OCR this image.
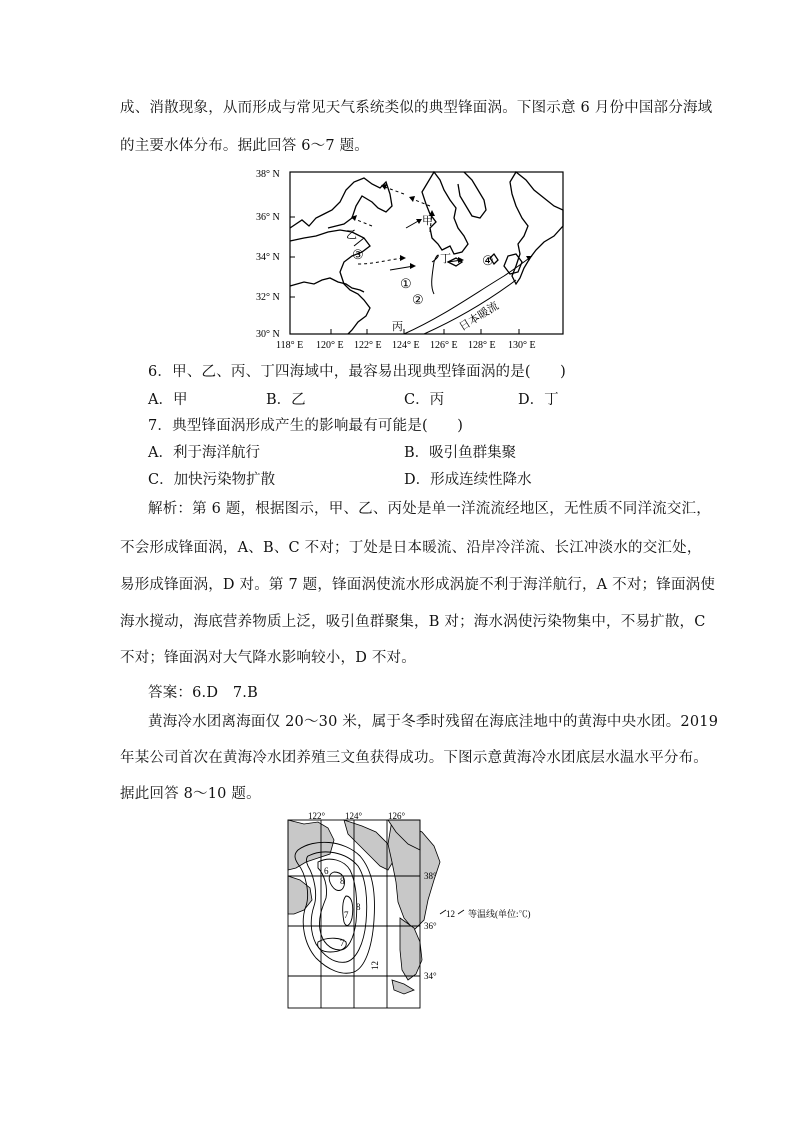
成、消散现象，从而形成与常见天气系统类似的典型锋面涡。下图示意 6 月份中国部分海域
的主要水体分布。据此回答 6～7 题。
38° N
36° N
34° N
32° N
30° N
118° E 120° E 122° E 124° E 126° E 128° E 130° E
日本暖流
甲
乙
丙
丁
①
②
③	④
6．甲、乙、丙、丁四海域中，最容易出现典型锋面涡的是(　　)
A．甲	B．乙	C．丙	D．丁
7．典型锋面涡形成产生的影响最有可能是(　　)
A．利于海洋航行	B．吸引鱼群集聚
C．加快污染物扩散	D．形成连续性降水
解析：第 6 题，根据图示，甲、乙、丙处是单一洋流流经地区，无性质不同洋流交汇，
不会形成锋面涡，A、B、C 不对；丁处是日本暖流、沿岸冷洋流、长江冲淡水的交汇处，
易形成锋面涡，D 对。第 7 题，锋面涡使流水形成涡旋不利于海洋航行，A 不对；锋面涡使
海水搅动，海底营养物质上泛，吸引鱼群聚集，B 对；海水涡使污染物集中，不易扩散，C
不对；锋面涡对大气降水影响较小，D 不对。
答案：6.D　7.B
黄海冷水团离海面仅 20～30 米，属于冬季时残留在海底洼地中的黄海中央水团。2019
年某公司首次在黄海冷水团养殖三文鱼获得成功。下图示意黄海冷水团底层水温水平分布。
据此回答 8～10 题。
6
8
8
7
7
12
122° 124°	126°
38°
36°
34°
12 等温线(单位:℃)
